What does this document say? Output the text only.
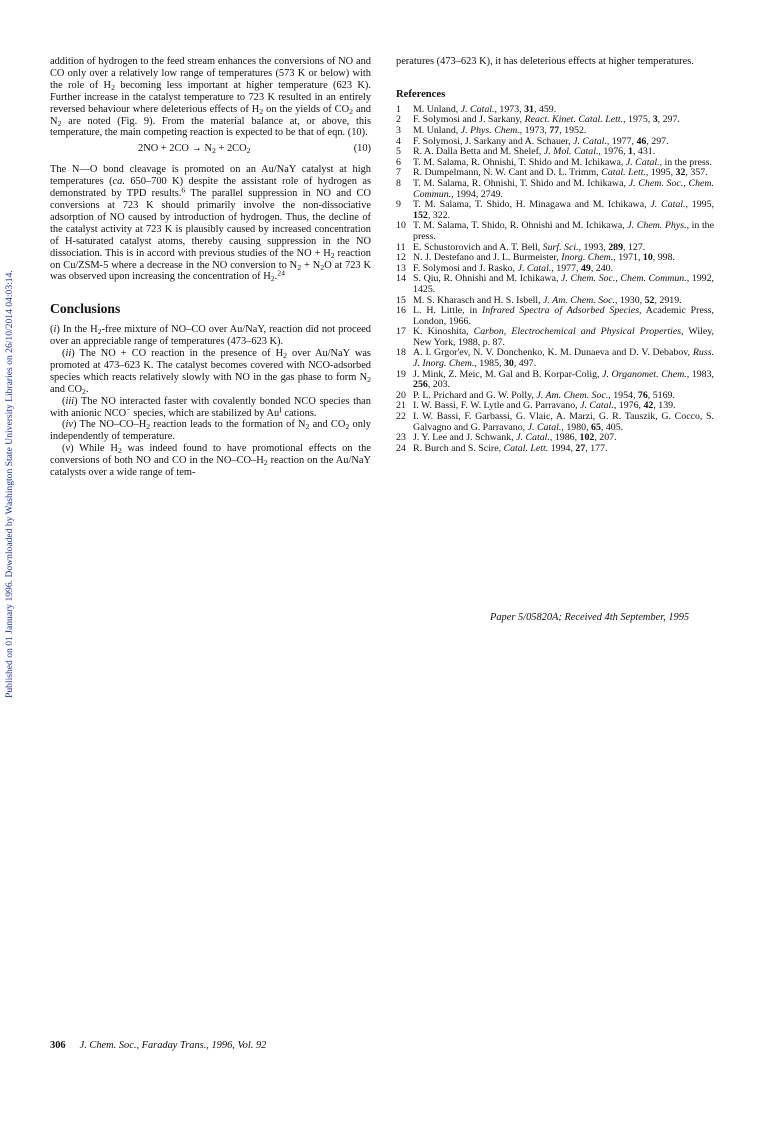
Published on 01 January 1996. Downloaded by Washington State University Libraries on 26/10/2014 04:03:14.

addition of hydrogen to the feed stream enhances the conversions of NO and CO only over a relatively low range of temperatures (573 K or below) with the role of $H_2$ becoming less important at higher temperature (623 K). Further increase in the catalyst temperature to 723 K resulted in an entirely reversed behaviour where deleterious effects of $H_2$ on the yields of $CO_2$ and $N_2$ are noted (Fig. 9). From the material balance at, or above, this temperature, the main competing reaction is expected to be that of eqn. (10).

$2NO + 2CO \to N_2 + 2CO_2$	(10)

The N—O bond cleavage is promoted on an Au/NaY catalyst at high temperatures (ca. 650–700 K) despite the assistant role of hydrogen as demonstrated by TPD results.$^6$ The parallel suppression in NO and CO conversions at 723 K should primarily involve the non-dissociative adsorption of NO caused by introduction of hydrogen. Thus, the decline of the catalyst activity at 723 K is plausibly caused by increased concentration of H-saturated catalyst atoms, thereby causing suppression in the NO dissociation. This is in accord with previous studies of the NO + $H_2$ reaction on Cu/ZSM-5 where a decrease in the NO conversion to $N_2 + N_2O$ at 723 K was observed upon increasing the concentration of $H_2.^{24}$

Conclusions

(i) In the $H_2$-free mixture of NO–CO over Au/NaY, reaction did not proceed over an appreciable range of temperatures (473–623 K).

(ii) The NO + CO reaction in the presence of $H_2$ over Au/NaY was promoted at 473–623 K. The catalyst becomes covered with NCO-adsorbed species which reacts relatively slowly with NO in the gas phase to form $N_2$ and $CO_2$.

(iii) The NO interacted faster with covalently bonded NCO species than with anionic NCO− species, which are stabilized by $Au^I$ cations.

(iv) The $NO-CO-H_2$ reaction leads to the formation of $N_2$ and $CO_2$ only independently of temperature.

(v) While $H_2$ was indeed found to have promotional effects on the conversions of both NO and CO in the $NO-CO-H_2$ reaction on the Au/NaY catalysts over a wide range of tem-

peratures (473–623 K), it has deleterious effects at higher temperatures.

References
1	M. Unland, J. Catal., 1973, 31, 459.
2	F. Solymosi and J. Sarkany, React. Kinet. Catal. Lett., 1975, 3, 297.
3	M. Unland, J. Phys. Chem., 1973, 77, 1952.
4	F. Solymosi, J. Sarkany and A. Schauer, J. Catal., 1977, 46, 297.
5	R. A. Dalla Betta and M. Shelef, J. Mol. Catal., 1976, 1, 431.
6	T. M. Salama, R. Ohnishi, T. Shido and M. Ichikawa, J. Catal., in the press.
7	R. Dumpelmann, N. W. Cant and D. L. Trimm, Catal. Lett., 1995, 32, 357.
8	T. M. Salama, R. Ohnishi, T. Shido and M. Ichikawa, J. Chem. Soc., Chem. Commun., 1994, 2749.
9	T. M. Salama, T. Shido, H. Minagawa and M. Ichikawa, J. Catal., 1995, 152, 322.
10 T. M. Salama, T. Shido, R. Ohnishi and M. Ichikawa, J. Chem. Phys., in the press.
11 E. Schustorovich and A. T. Bell, Surf. Sci., 1993, 289, 127.
12 N. J. Destefano and J. L. Burmeister, Inorg. Chem., 1971, 10, 998.
13 F. Solymosi and J. Rasko, J. Catal., 1977, 49, 240.
14 S. Qiu, R. Ohnishi and M. Ichikawa, J. Chem. Soc., Chem. Commun., 1992, 1425.
15 M. S. Kharasch and H. S. Isbell, J. Am. Chem. Soc., 1930, 52, 2919.
16 L. H. Little, in Infrared Spectra of Adsorbed Species, Academic Press, London, 1966.
17 K. Kinoshita, Carbon, Electrochemical and Physical Properties, Wiley, New York, 1988, p. 87.
18 A. I. Grgor'ev, N. V. Donchenko, K. M. Dunaeva and D. V. Debabov, Russ. J. Inorg. Chem., 1985, 30, 497.
19 J. Mink, Z. Meic, M. Gal and B. Korpar-Colig, J. Organomet. Chem., 1983, 256, 203.
20 P. L. Prichard and G. W. Polly, J. Am. Chem. Soc., 1954, 76, 5169.
21 I. W. Bassi, F. W. Lytle and G. Parravano, J. Catal., 1976, 42, 139.
22 I. W. Bassi, F. Garbassi, G. Vlaic, A. Marzi, G. R. Tauszik, G. Cocco, S. Galvagno and G. Parravano, J. Catal., 1980, 65, 405.
23 J. Y. Lee and J. Schwank, J. Catal., 1986, 102, 207.
24 R. Burch and S. Scire, Catal. Lett. 1994, 27, 177.
Paper 5/05820A; Received 4th September, 1995
306 J. Chem. Soc., Faraday Trans., 1996, Vol. 92
